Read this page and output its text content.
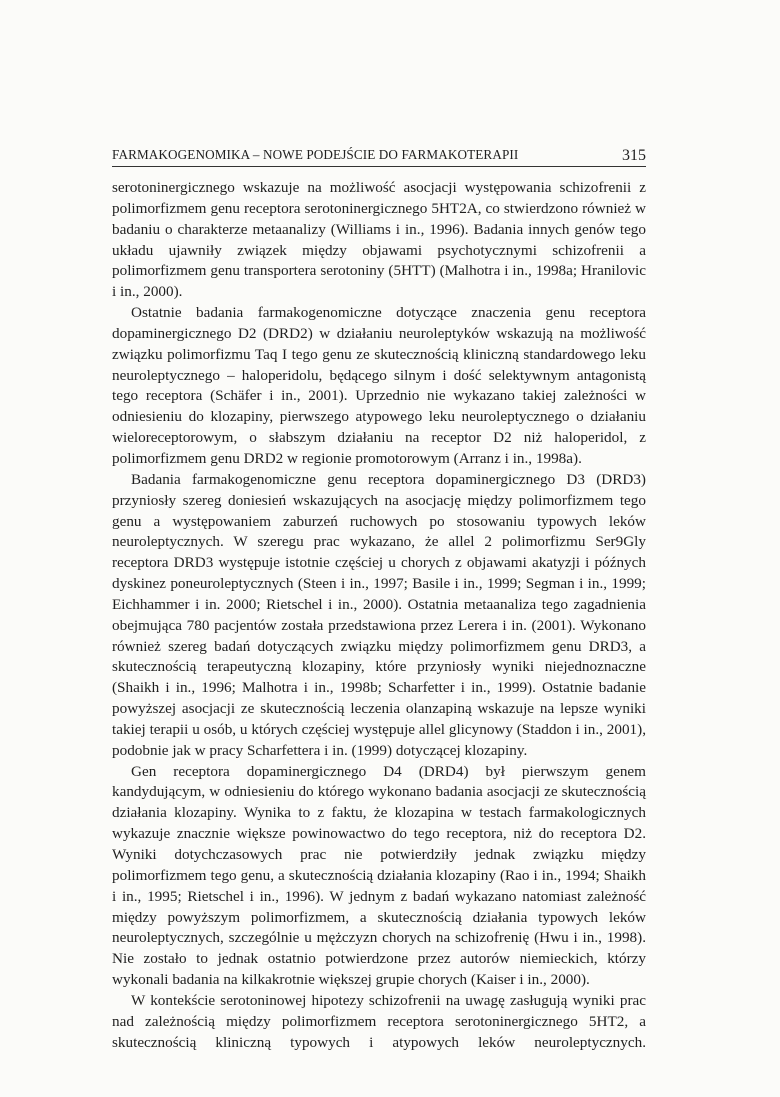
FARMAKOGENOMIKA – NOWE PODEJŚCIE DO FARMAKOTERAPII	315

serotoninergicznego wskazuje na możliwość asocjacji występowania schizofrenii z polimorfizmem genu receptora serotoninergicznego 5HT2A, co stwierdzono również w badaniu o charakterze metaanalizy (Williams i in., 1996). Badania innych genów tego układu ujawniły związek między objawami psychotycznymi schizofrenii a polimorfizmem genu transportera serotoniny (5HTT) (Malhotra i in., 1998a; Hranilovic i in., 2000).

Ostatnie badania farmakogenomiczne dotyczące znaczenia genu receptora dopaminergicznego D2 (DRD2) w działaniu neuroleptyków wskazują na możliwość związku polimorfizmu Taq I tego genu ze skutecznością kliniczną standardowego leku neuroleptycznego – haloperidolu, będącego silnym i dość selektywnym antagonistą tego receptora (Schäfer i in., 2001). Uprzednio nie wykazano takiej zależności w odniesieniu do klozapiny, pierwszego atypowego leku neuroleptycznego o działaniu wieloreceptorowym, o słabszym działaniu na receptor D2 niż haloperidol, z polimorfizmem genu DRD2 w regionie promotorowym (Arranz i in., 1998a).

Badania farmakogenomiczne genu receptora dopaminergicznego D3 (DRD3) przyniosły szereg doniesień wskazujących na asocjację między polimorfizmem tego genu a występowaniem zaburzeń ruchowych po stosowaniu typowych leków neuroleptycznych. W szeregu prac wykazano, że allel 2 polimorfizmu Ser9Gly receptora DRD3 występuje istotnie częściej u chorych z objawami akatyzji i późnych dyskinez poneuroleptycznych (Steen i in., 1997; Basile i in., 1999; Segman i in., 1999; Eichhammer i in. 2000; Rietschel i in., 2000). Ostatnia metaanaliza tego zagadnienia obejmująca 780 pacjentów została przedstawiona przez Lerera i in. (2001). Wykonano również szereg badań dotyczących związku między polimorfizmem genu DRD3, a skutecznością terapeutyczną klozapiny, które przyniosły wyniki niejednoznaczne (Shaikh i in., 1996; Malhotra i in., 1998b; Scharfetter i in., 1999). Ostatnie badanie powyższej asocjacji ze skutecznością leczenia olanzapiną wskazuje na lepsze wyniki takiej terapii u osób, u których częściej występuje allel glicynowy (Staddon i in., 2001), podobnie jak w pracy Scharfettera i in. (1999) dotyczącej klozapiny.

Gen receptora dopaminergicznego D4 (DRD4) był pierwszym genem kandydującym, w odniesieniu do którego wykonano badania asocjacji ze skutecznością działania klozapiny. Wynika to z faktu, że klozapina w testach farmakologicznych wykazuje znacznie większe powinowactwo do tego receptora, niż do receptora D2. Wyniki dotychczasowych prac nie potwierdziły jednak związku między polimorfizmem tego genu, a skutecznością działania klozapiny (Rao i in., 1994; Shaikh i in., 1995; Rietschel i in., 1996). W jednym z badań wykazano natomiast zależność między powyższym polimorfizmem, a skutecznością działania typowych leków neuroleptycznych, szczególnie u mężczyzn chorych na schizofrenię (Hwu i in., 1998). Nie zostało to jednak ostatnio potwierdzone przez autorów niemieckich, którzy wykonali badania na kilkakrotnie większej grupie chorych (Kaiser i in., 2000).

W kontekście serotoninowej hipotezy schizofrenii na uwagę zasługują wyniki prac nad zależnością między polimorfizmem receptora serotoninergicznego 5HT2, a skutecznością kliniczną typowych i atypowych leków neuroleptycznych.
